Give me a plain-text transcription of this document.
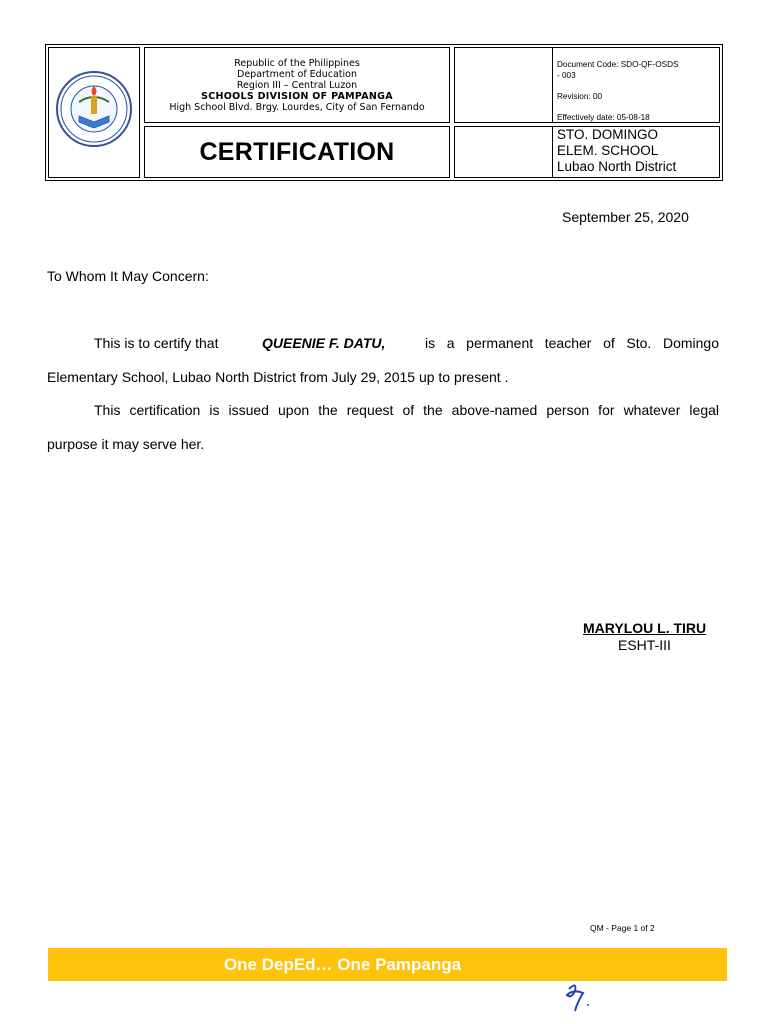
Republic of the Philippines
Department of Education
Region III – Central Luzon
SCHOOLS DIVISION OF PAMPANGA
High School Blvd. Brgy. Lourdes, City of San Fernando
CERTIFICATION
Document Code: SDO-QF-OSDS
- 003
Revision: 00
Effectively date: 05-08-18
STO. DOMINGO
ELEM. SCHOOL
Lubao North District
September 25, 2020
To Whom It May Concern:
This is to certify that	QUEENIE F. DATU,	is a permanent teacher of Sto. Domingo
Elementary School, Lubao North District from July 29, 2015 up to present .
This certification is issued upon the request of the above-named person for whatever legal
purpose it may serve her.
MARYLOU L. TIRU
ESHT-III
QM - Page 1 of 2
One DepEd… One Pampanga
